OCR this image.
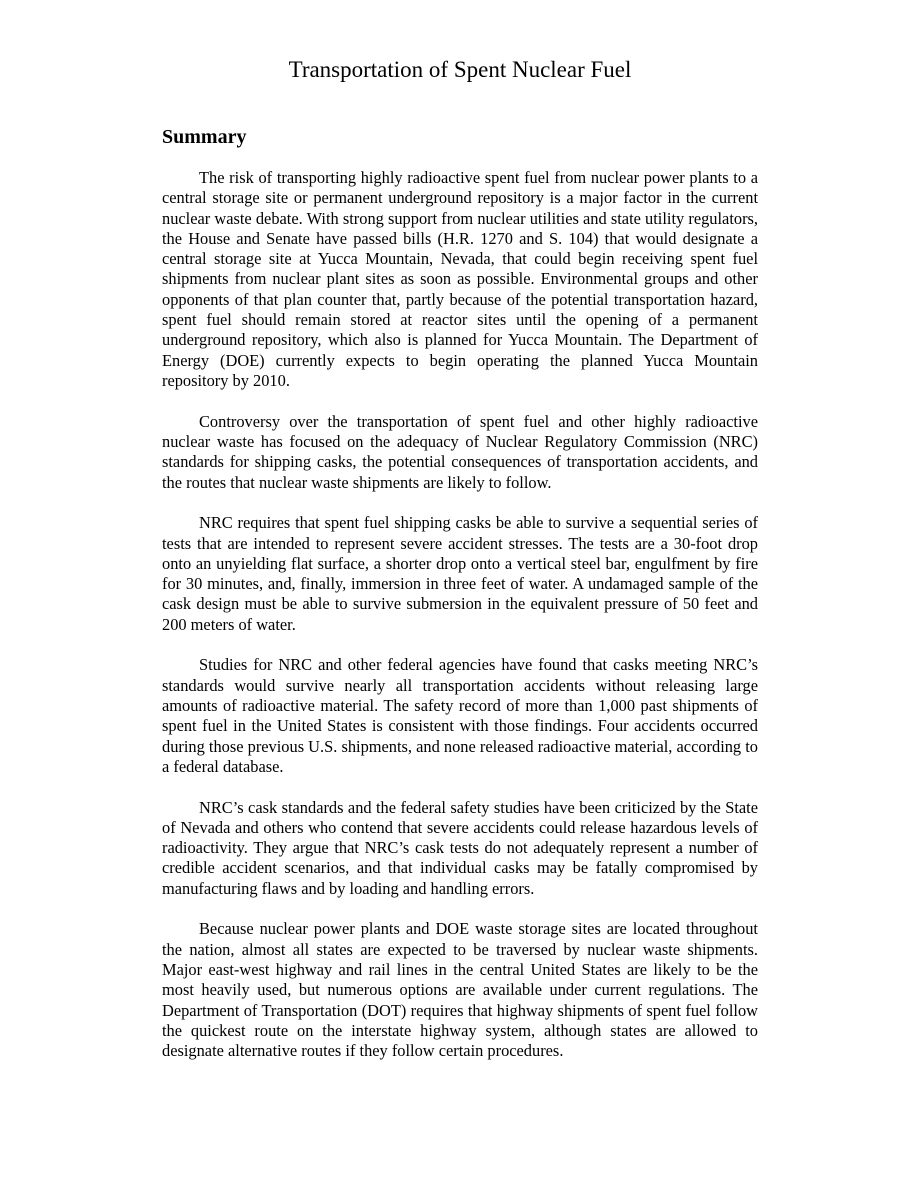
Transportation of Spent Nuclear Fuel
Summary

The risk of transporting highly radioactive spent fuel from nuclear power plants to a central storage site or permanent underground repository is a major factor in the current nuclear waste debate. With strong support from nuclear utilities and state utility regulators, the House and Senate have passed bills (H.R. 1270 and S. 104) that would designate a central storage site at Yucca Mountain, Nevada, that could begin receiving spent fuel shipments from nuclear plant sites as soon as possible. Environmental groups and other opponents of that plan counter that, partly because of the potential transportation hazard, spent fuel should remain stored at reactor sites until the opening of a permanent underground repository, which also is planned for Yucca Mountain. The Department of Energy (DOE) currently expects to begin operating the planned Yucca Mountain repository by 2010.

Controversy over the transportation of spent fuel and other highly radioactive nuclear waste has focused on the adequacy of Nuclear Regulatory Commission (NRC) standards for shipping casks, the potential consequences of transportation accidents, and the routes that nuclear waste shipments are likely to follow.

NRC requires that spent fuel shipping casks be able to survive a sequential series of tests that are intended to represent severe accident stresses. The tests are a 30-foot drop onto an unyielding flat surface, a shorter drop onto a vertical steel bar, engulfment by fire for 30 minutes, and, finally, immersion in three feet of water. A undamaged sample of the cask design must be able to survive submersion in the equivalent pressure of 50 feet and 200 meters of water.

Studies for NRC and other federal agencies have found that casks meeting NRC’s standards would survive nearly all transportation accidents without releasing large amounts of radioactive material. The safety record of more than 1,000 past shipments of spent fuel in the United States is consistent with those findings. Four accidents occurred during those previous U.S. shipments, and none released radioactive material, according to a federal database.

NRC’s cask standards and the federal safety studies have been criticized by the State of Nevada and others who contend that severe accidents could release hazardous levels of radioactivity. They argue that NRC’s cask tests do not adequately represent a number of credible accident scenarios, and that individual casks may be fatally compromised by manufacturing flaws and by loading and handling errors.

Because nuclear power plants and DOE waste storage sites are located throughout the nation, almost all states are expected to be traversed by nuclear waste shipments. Major east-west highway and rail lines in the central United States are likely to be the most heavily used, but numerous options are available under current regulations. The Department of Transportation (DOT) requires that highway shipments of spent fuel follow the quickest route on the interstate highway system, although states are allowed to designate alternative routes if they follow certain procedures.
